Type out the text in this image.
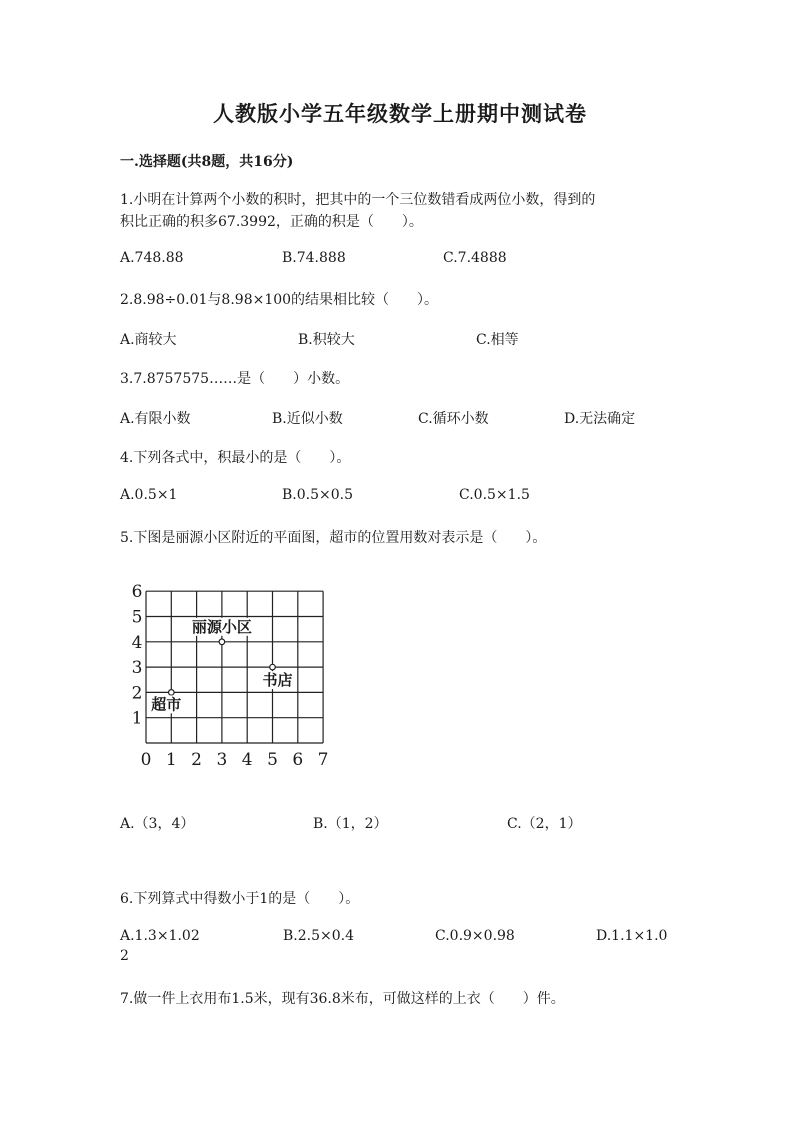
人教版小学五年级数学上册期中测试卷
一.选择题(共8题，共16分)
1.小明在计算两个小数的积时，把其中的一个三位数错看成两位小数，得到的
积比正确的积多67.3992，正确的积是（　　）。
A.748.88	B.74.888	C.7.4888
2.8.98÷0.01与8.98×100的结果相比较（　　）。
A.商较大	B.积较大	C.相等
3.7.8757575……是（　　）小数。
A.有限小数	B.近似小数	C.循环小数	D.无法确定
4.下列各式中，积最小的是（　　）。
A.0.5×1	B.0.5×0.5	C.0.5×1.5
5.下图是丽源小区附近的平面图，超市的位置用数对表示是（　　）。
0 1 2 3 4 5 6 7
1
2
3
4
5
6
丽源小区
书店
超市
A.（3，4）	B.（1，2）	C.（2，1）
6.下列算式中得数小于1的是（　　）。
A.1.3×1.02	B.2.5×0.4	C.0.9×0.98	D.1.1×1.0
2
7.做一件上衣用布1.5米，现有36.8米布，可做这样的上衣（　　）件。
